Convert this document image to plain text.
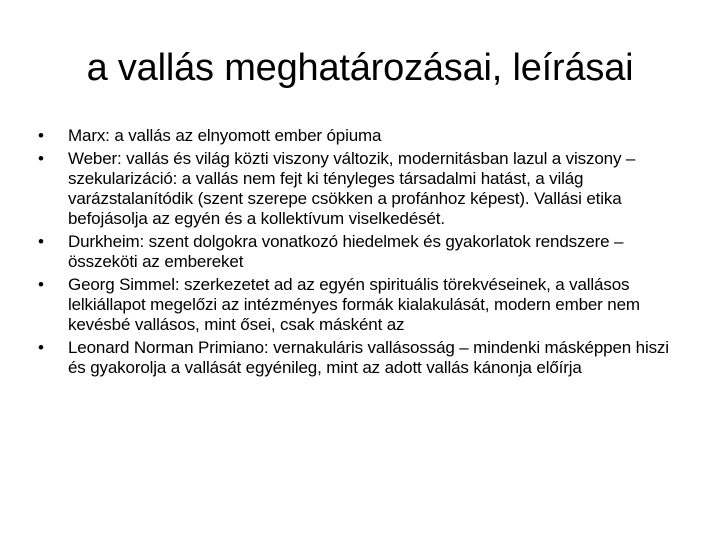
a vallás meghatározásai, leírásai
•	Marx: a vallás az elnyomott ember ópiuma
•	Weber: vallás és világ közti viszony változik, modernitásban lazul a viszony – szekularizáció: a vallás nem fejt ki tényleges társadalmi hatást, a világ varázstalanítódik (szent szerepe csökken a profánhoz képest). Vallási etika befojásolja az egyén és a kollektívum viselkedését.
•	Durkheim: szent dolgokra vonatkozó hiedelmek és gyakorlatok rendszere – összeköti az embereket
•	Georg Simmel: szerkezetet ad az egyén spirituális törekvéseinek, a vallásos lelkiállapot megelőzi az intézményes formák kialakulását, modern ember nem kevésbé vallásos, mint ősei, csak másként az
•	Leonard Norman Primiano: vernakuláris vallásosság – mindenki másképpen hiszi és gyakorolja a vallását egyénileg, mint az adott vallás kánonja előírja
